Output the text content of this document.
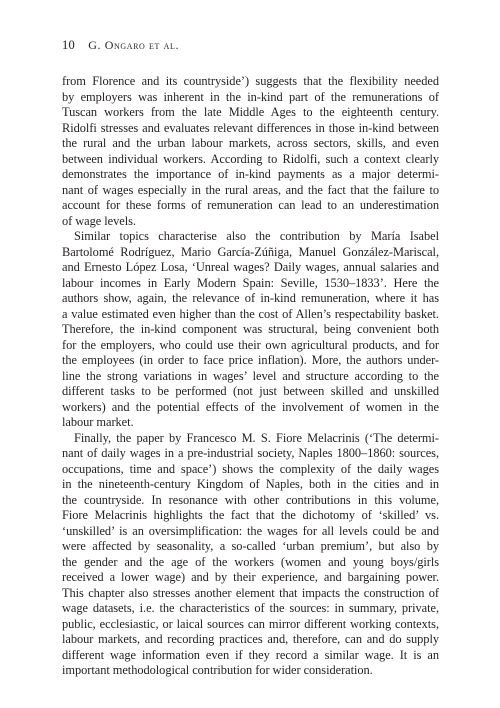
10 G. Ongaro et al.
from Florence and its countryside’) suggests that the flexibility needed
by employers was inherent in the in-kind part of the remunerations of
Tuscan workers from the late Middle Ages to the eighteenth century.
Ridolfi stresses and evaluates relevant differences in those in-kind between
the rural and the urban labour markets, across sectors, skills, and even
between individual workers. According to Ridolfi, such a context clearly
demonstrates the importance of in-kind payments as a major determi-
nant of wages especially in the rural areas, and the fact that the failure to
account for these forms of remuneration can lead to an underestimation
of wage levels.
Similar topics characterise also the contribution by María Isabel
Bartolomé Rodríguez, Mario García-Zúñiga, Manuel González-Mariscal,
and Ernesto López Losa, ‘Unreal wages? Daily wages, annual salaries and
labour incomes in Early Modern Spain: Seville, 1530–1833’. Here the
authors show, again, the relevance of in-kind remuneration, where it has
a value estimated even higher than the cost of Allen’s respectability basket.
Therefore, the in-kind component was structural, being convenient both
for the employers, who could use their own agricultural products, and for
the employees (in order to face price inflation). More, the authors under-
line the strong variations in wages’ level and structure according to the
different tasks to be performed (not just between skilled and unskilled
workers) and the potential effects of the involvement of women in the
labour market.
Finally, the paper by Francesco M. S. Fiore Melacrinis (‘The determi-
nant of daily wages in a pre-industrial society, Naples 1800–1860: sources,
occupations, time and space’) shows the complexity of the daily wages
in the nineteenth-century Kingdom of Naples, both in the cities and in
the countryside. In resonance with other contributions in this volume,
Fiore Melacrinis highlights the fact that the dichotomy of ‘skilled’ vs.
‘unskilled’ is an oversimplification: the wages for all levels could be and
were affected by seasonality, a so-called ‘urban premium’, but also by
the gender and the age of the workers (women and young boys/girls
received a lower wage) and by their experience, and bargaining power.
This chapter also stresses another element that impacts the construction of
wage datasets, i.e. the characteristics of the sources: in summary, private,
public, ecclesiastic, or laical sources can mirror different working contexts,
labour markets, and recording practices and, therefore, can and do supply
different wage information even if they record a similar wage. It is an
important methodological contribution for wider consideration.
